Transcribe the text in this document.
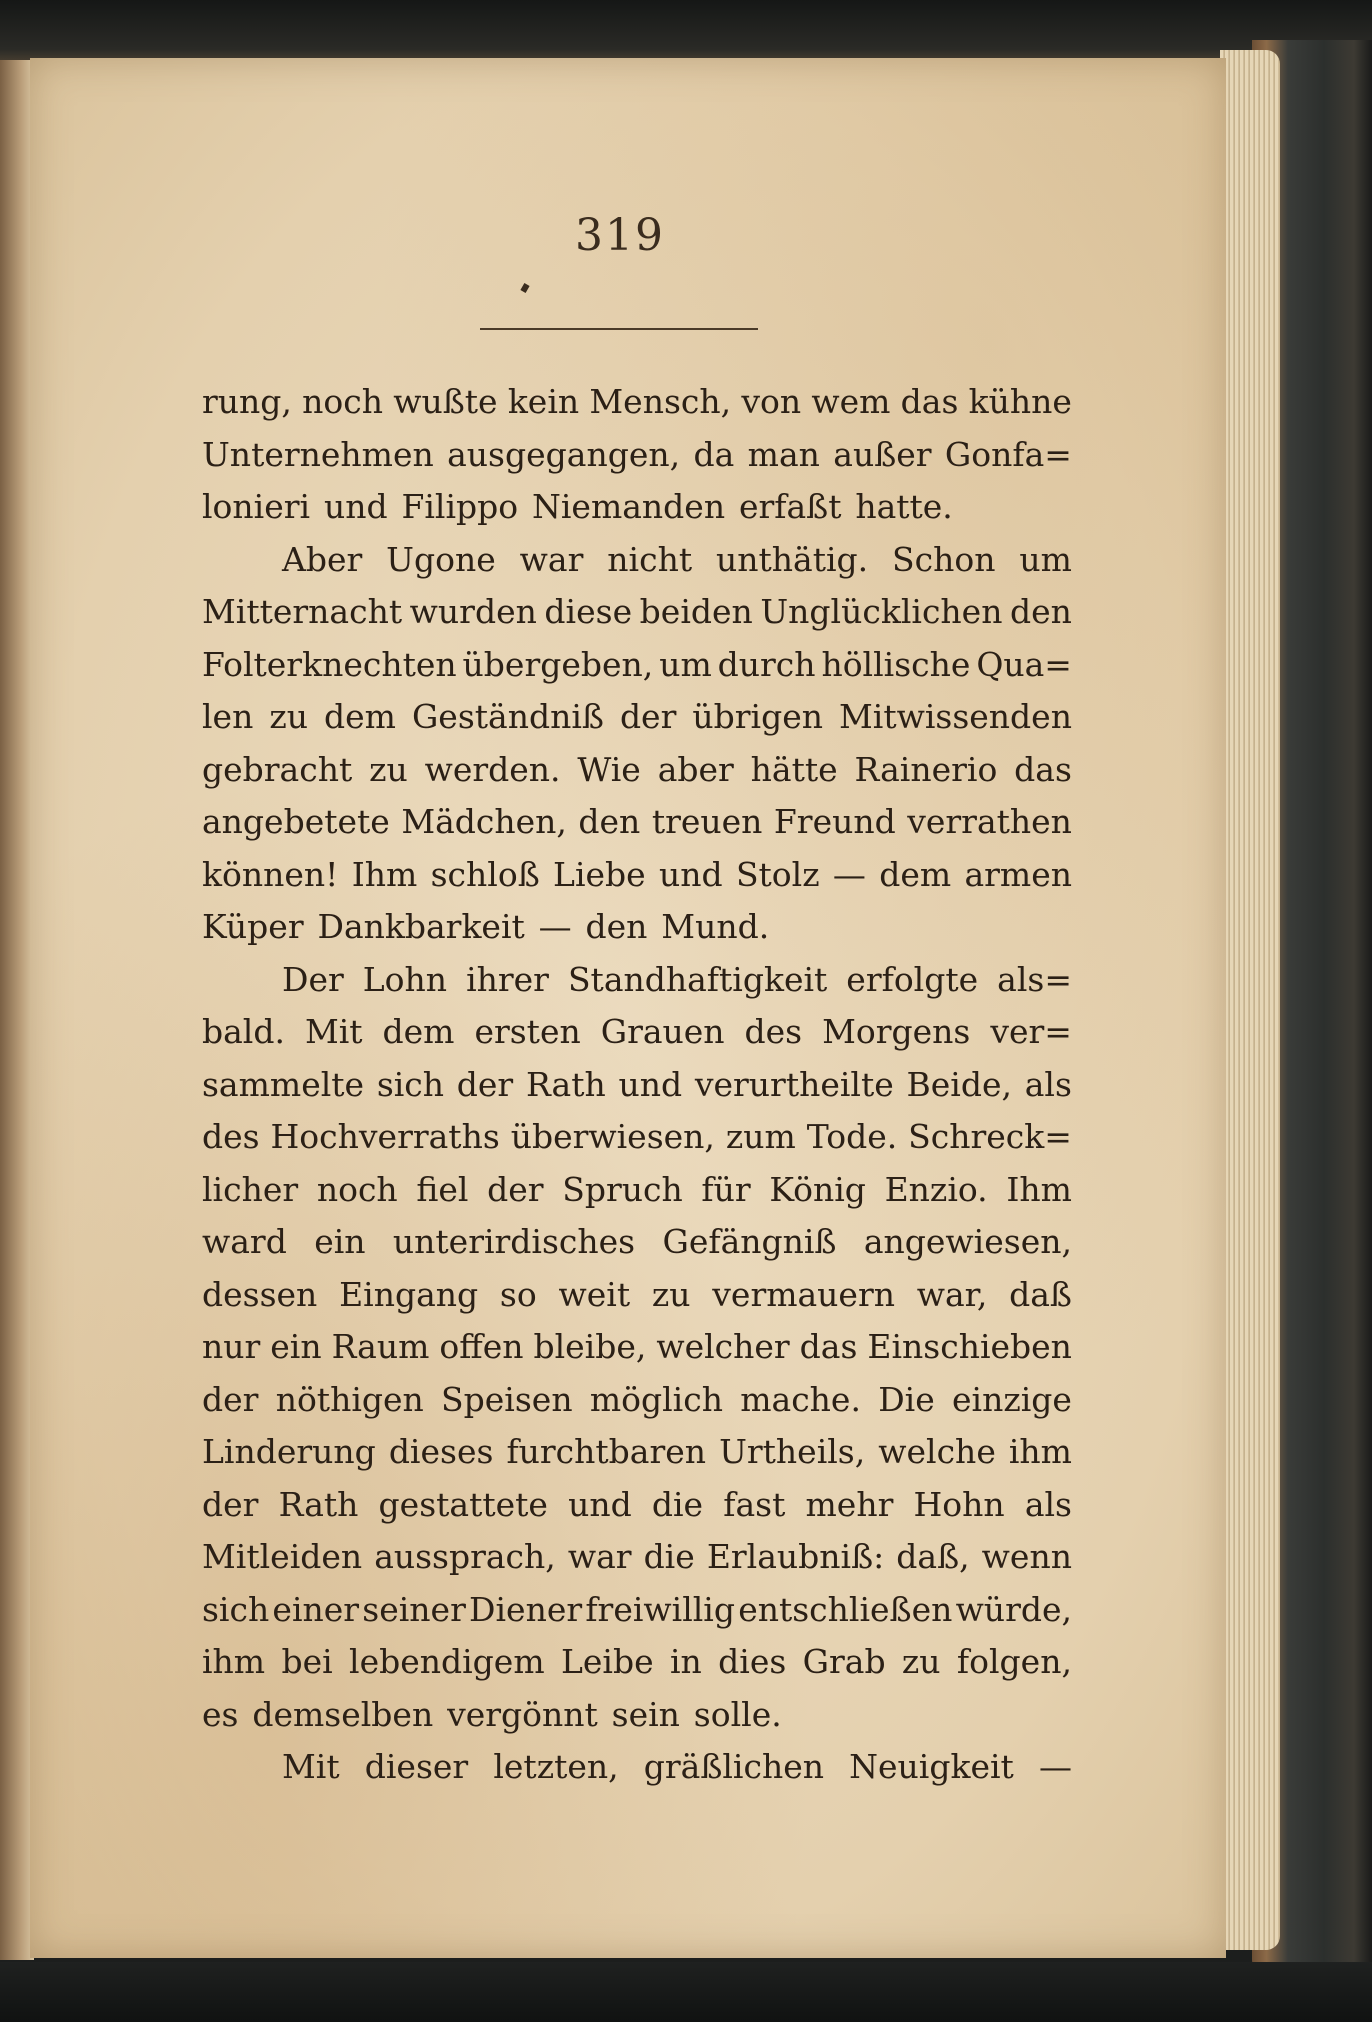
319
rung, noch wußte kein Mensch, von wem das kühne
Unternehmen ausgegangen, da man außer Gonfa=
lonieri und Filippo Niemanden erfaßt hatte.
Aber Ugone war nicht unthätig. Schon um
Mitternacht wurden diese beiden Unglücklichen den
Folterknechten übergeben, um durch höllische Qua=
len zu dem Geständniß der übrigen Mitwissenden
gebracht zu werden. Wie aber hätte Rainerio das
angebetete Mädchen, den treuen Freund verrathen
können! Ihm schloß Liebe und Stolz — dem armen
Küper Dankbarkeit — den Mund.
Der Lohn ihrer Standhaftigkeit erfolgte als=
bald. Mit dem ersten Grauen des Morgens ver=
sammelte sich der Rath und verurtheilte Beide, als
des Hochverraths überwiesen, zum Tode. Schreck=
licher noch fiel der Spruch für König Enzio. Ihm
ward ein unterirdisches Gefängniß angewiesen,
dessen Eingang so weit zu vermauern war, daß
nur ein Raum offen bleibe, welcher das Einschieben
der nöthigen Speisen möglich mache. Die einzige
Linderung dieses furchtbaren Urtheils, welche ihm
der Rath gestattete und die fast mehr Hohn als
Mitleiden aussprach, war die Erlaubniß: daß, wenn
sich einer seiner Diener freiwillig entschließen würde,
ihm bei lebendigem Leibe in dies Grab zu folgen,
es demselben vergönnt sein solle.
Mit dieser letzten, gräßlichen Neuigkeit —
